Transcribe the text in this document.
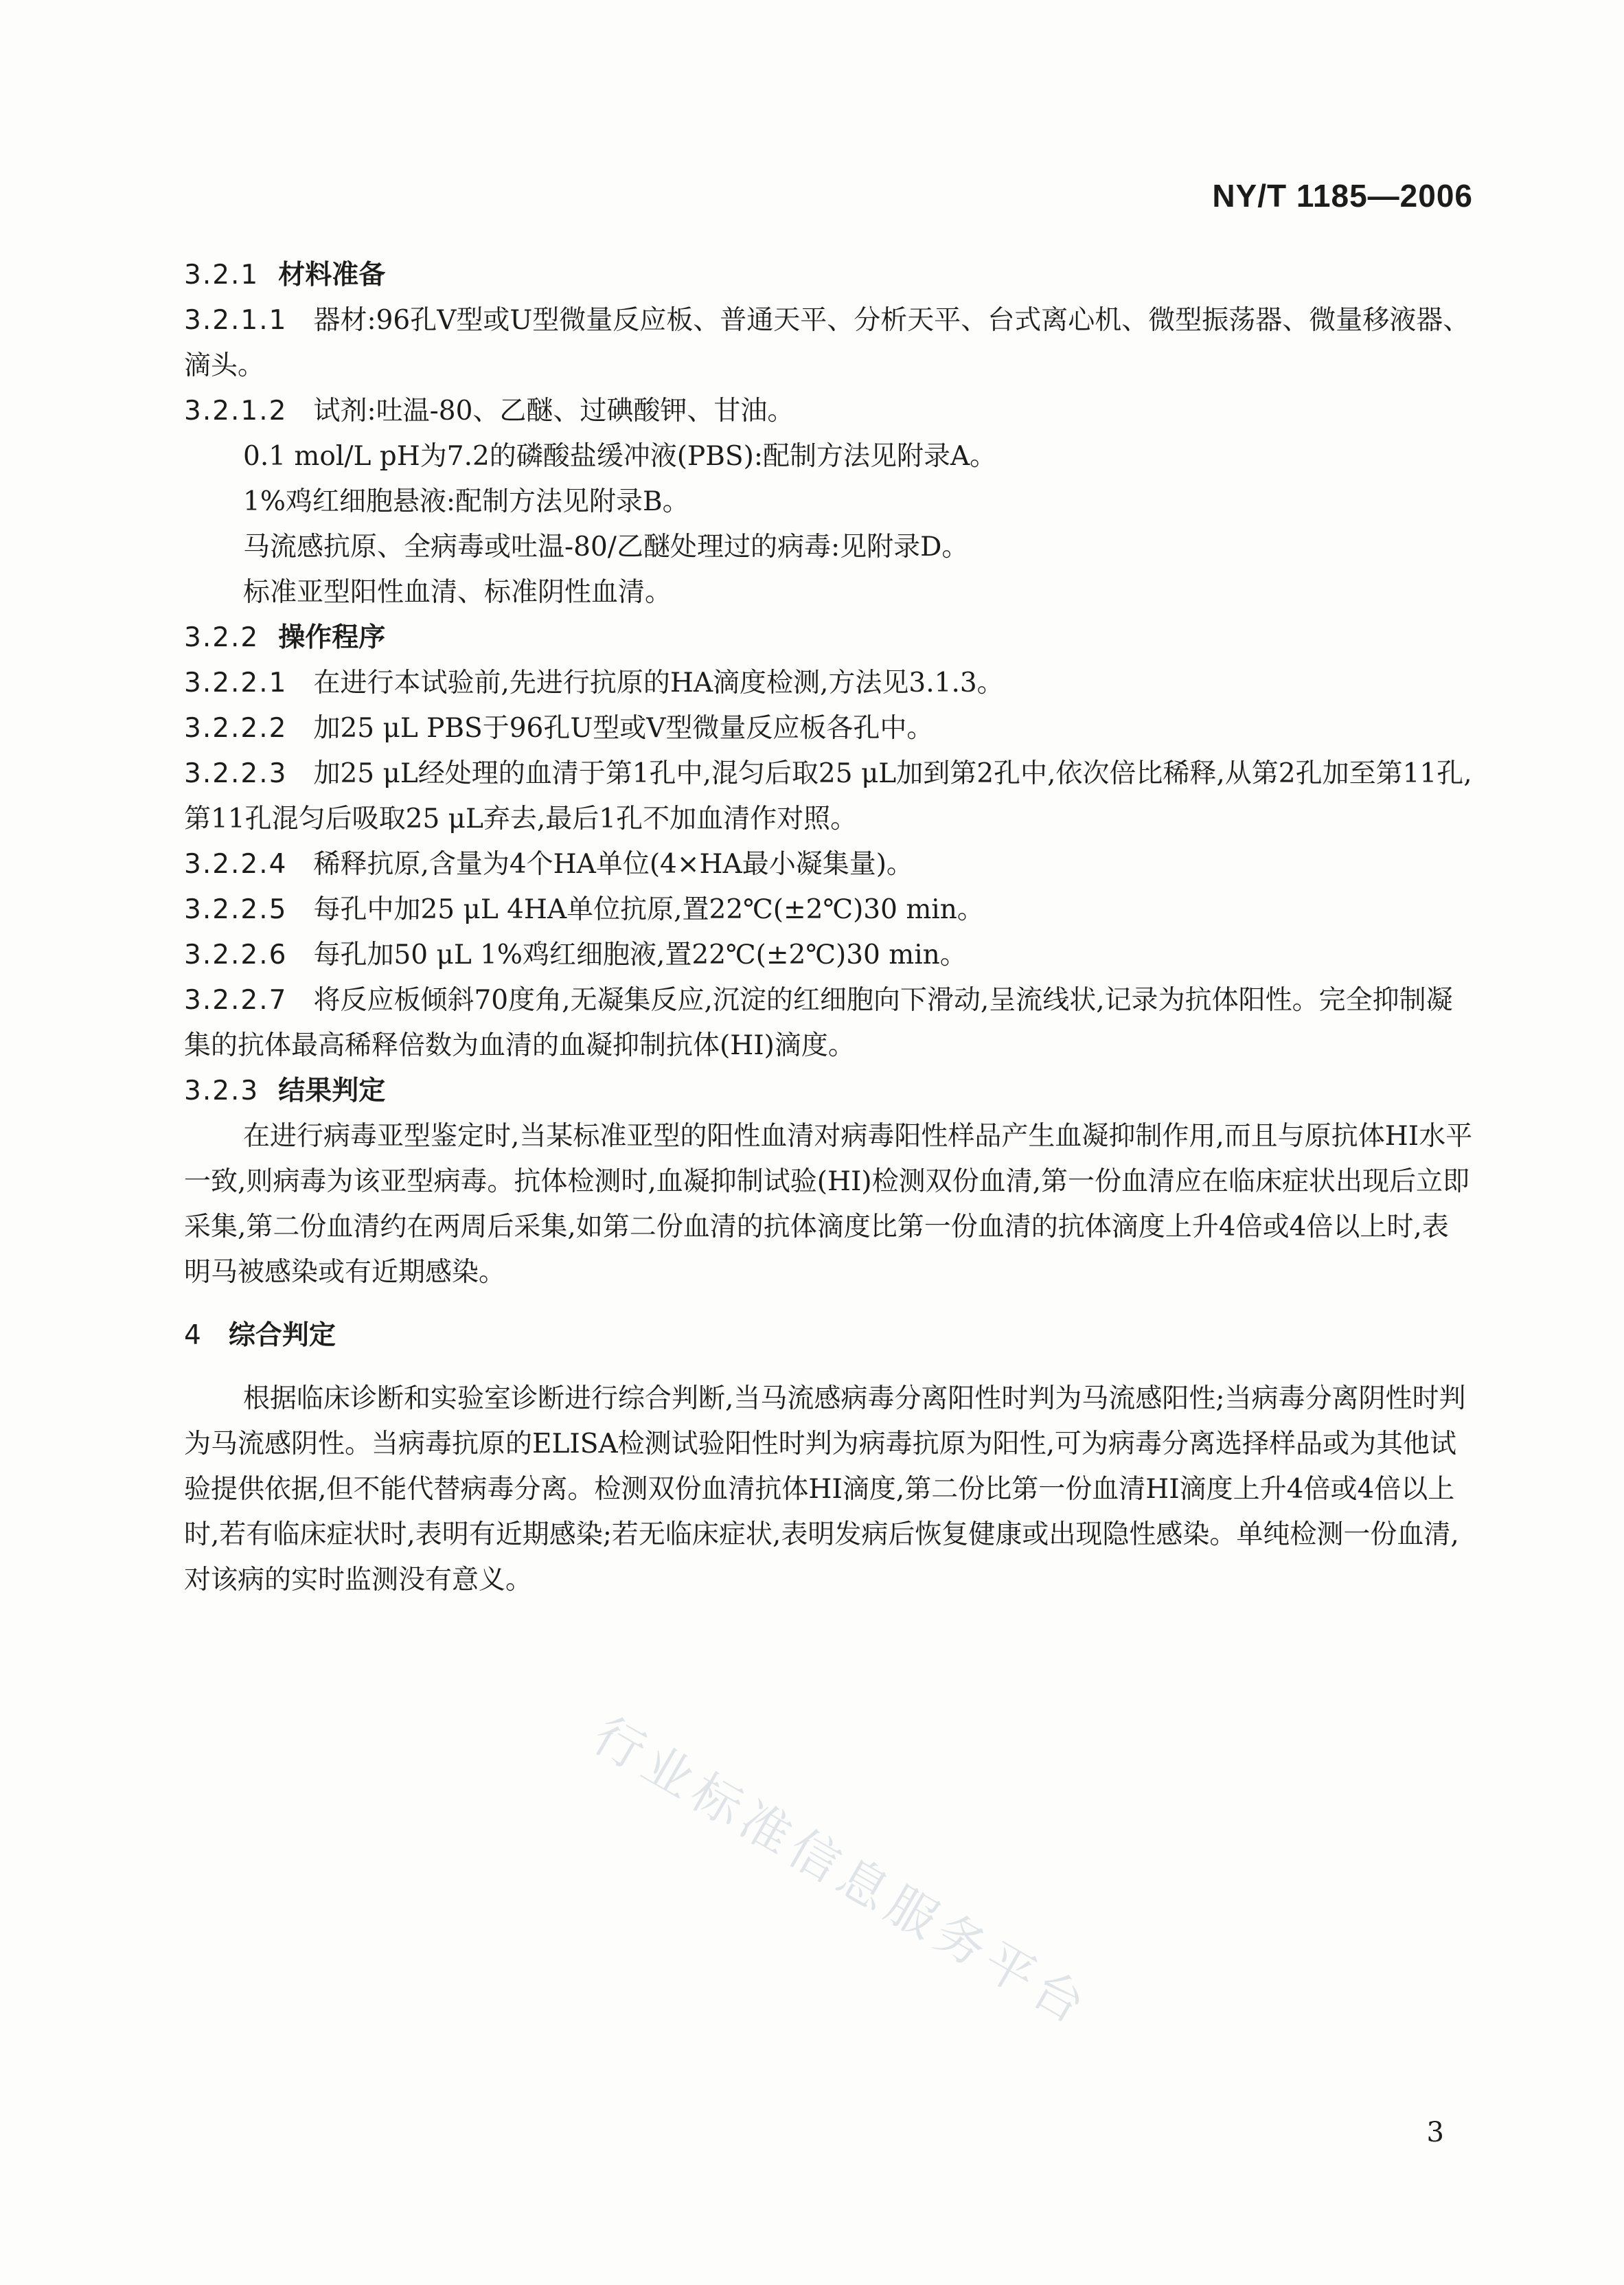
NY/T 1185—2006

3.2.1 材料准备

3.2.1.1 器材:96孔V型或U型微量反应板、普通天平、分析天平、台式离心机、微型振荡器、微量移液器、滴头。

3.2.1.2 试剂:吐温-80、乙醚、过碘酸钾、甘油。

0.1 mol/L pH为7.2的磷酸盐缓冲液(PBS):配制方法见附录A。

1%鸡红细胞悬液:配制方法见附录B。

马流感抗原、全病毒或吐温-80/乙醚处理过的病毒:见附录D。

标准亚型阳性血清、标准阴性血清。

3.2.2 操作程序

3.2.2.1 在进行本试验前,先进行抗原的HA滴度检测,方法见3.1.3。

3.2.2.2 加25 μL PBS于96孔U型或V型微量反应板各孔中。

3.2.2.3 加25 μL经处理的血清于第1孔中,混匀后取25 μL加到第2孔中,依次倍比稀释,从第2孔加至第11孔,第11孔混匀后吸取25 μL弃去,最后1孔不加血清作对照。

3.2.2.4 稀释抗原,含量为4个HA单位(4×HA最小凝集量)。

3.2.2.5 每孔中加25 μL 4HA单位抗原,置22℃(±2℃)30 min。

3.2.2.6 每孔加50 μL 1%鸡红细胞液,置22℃(±2℃)30 min。

3.2.2.7 将反应板倾斜70度角,无凝集反应,沉淀的红细胞向下滑动,呈流线状,记录为抗体阳性。完全抑制凝集的抗体最高稀释倍数为血清的血凝抑制抗体(HI)滴度。

3.2.3 结果判定

在进行病毒亚型鉴定时,当某标准亚型的阳性血清对病毒阳性样品产生血凝抑制作用,而且与原抗体HI水平一致,则病毒为该亚型病毒。抗体检测时,血凝抑制试验(HI)检测双份血清,第一份血清应在临床症状出现后立即采集,第二份血清约在两周后采集,如第二份血清的抗体滴度比第一份血清的抗体滴度上升4倍或4倍以上时,表明马被感染或有近期感染。

4 综合判定

根据临床诊断和实验室诊断进行综合判断,当马流感病毒分离阳性时判为马流感阳性;当病毒分离阴性时判为马流感阴性。当病毒抗原的ELISA检测试验阳性时判为病毒抗原为阳性,可为病毒分离选择样品或为其他试验提供依据,但不能代替病毒分离。检测双份血清抗体HI滴度,第二份比第一份血清HI滴度上升4倍或4倍以上时,若有临床症状时,表明有近期感染;若无临床症状,表明发病后恢复健康或出现隐性感染。单纯检测一份血清,对该病的实时监测没有意义。

行业标准信息服务平台
3
